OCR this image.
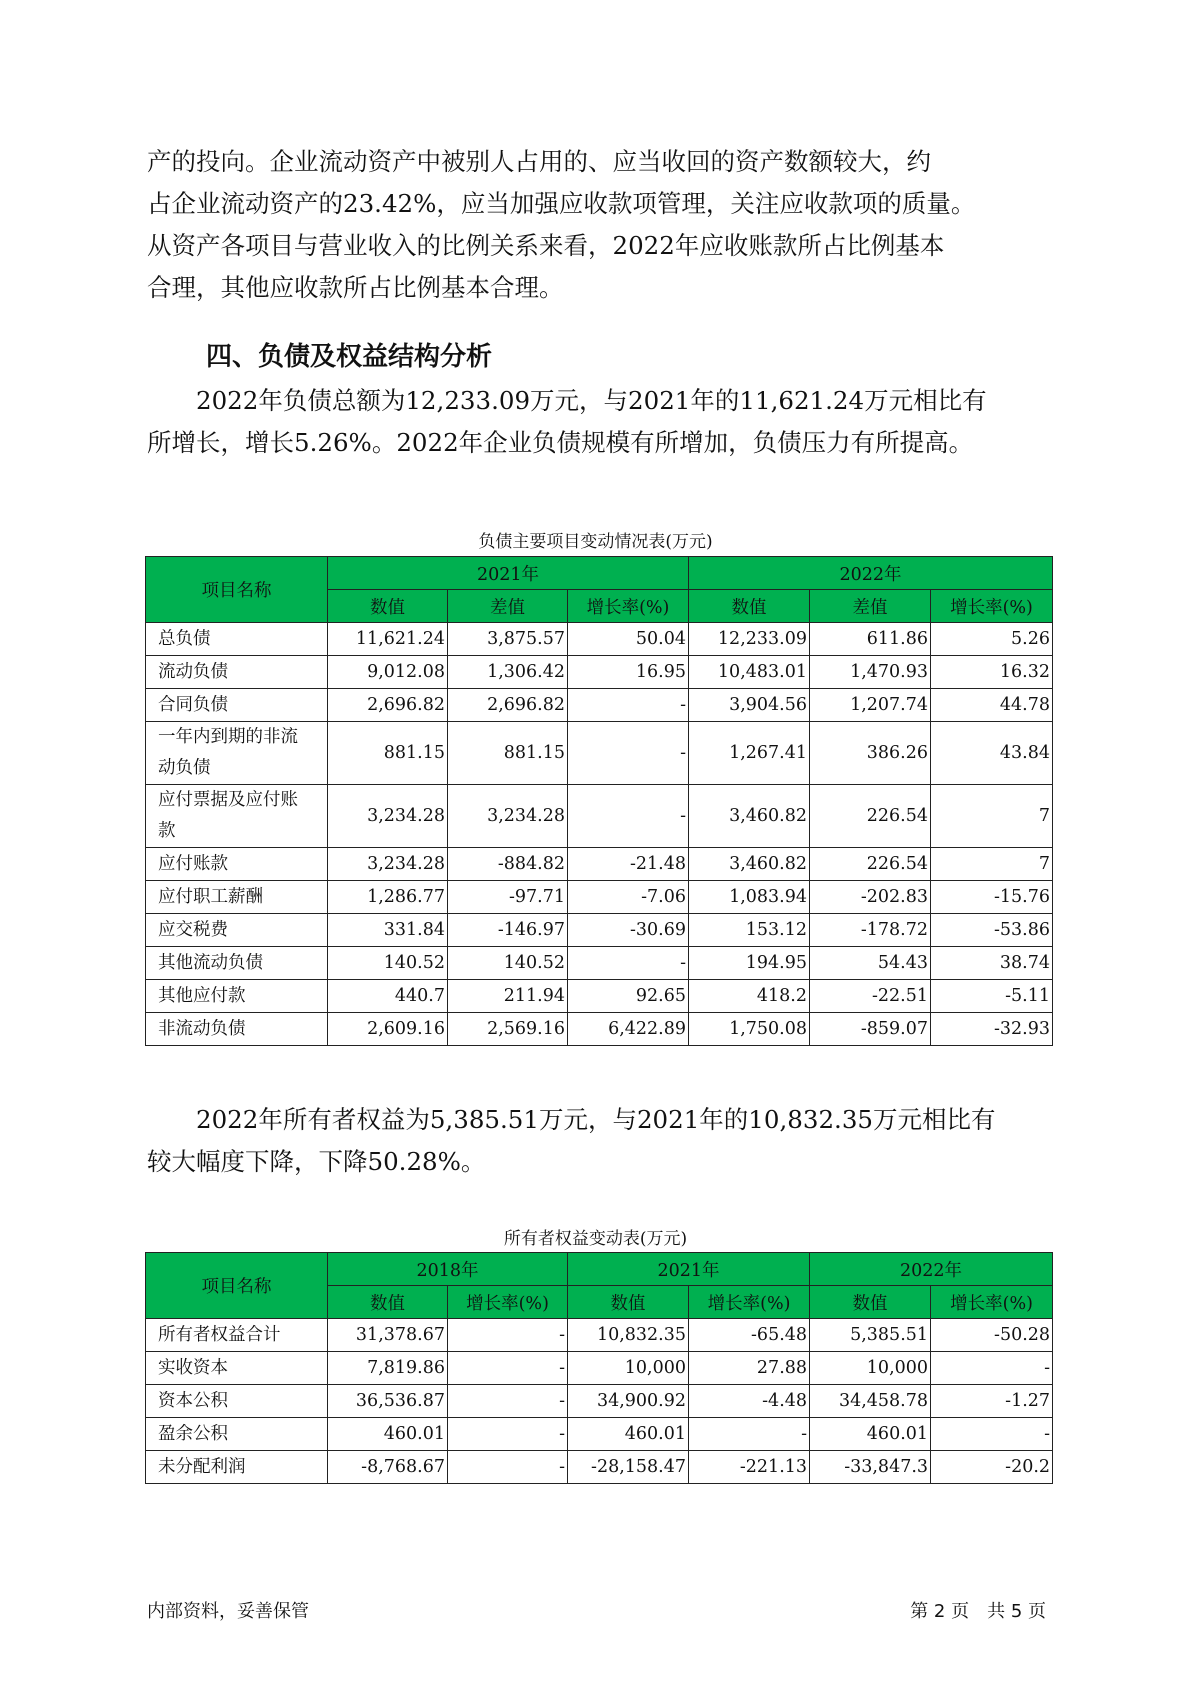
产的投向。企业流动资产中被别人占用的、应当收回的资产数额较大，约
占企业流动资产的23.42%，应当加强应收款项管理，关注应收款项的质量。
从资产各项目与营业收入的比例关系来看，2022年应收账款所占比例基本
合理，其他应收款所占比例基本合理。

四、负债及权益结构分析

　　2022年负债总额为12,233.09万元，与2021年的11,621.24万元相比有
所增长，增长5.26%。2022年企业负债规模有所增加，负债压力有所提高。

负债主要项目变动情况表(万元)
项目名称	2021年			2022年		
	数值	差值	增长率(%)	数值	差值	增长率(%)

总负债	11,621.24	3,875.57	50.04	12,233.09	611.86	5.26

流动负债	9,012.08	1,306.42	16.95	10,483.01	1,470.93	16.32

合同负债	2,696.82	2,696.82	-	3,904.56	1,207.74	44.78

一年内到期的非流
动负债	881.15	881.15	-	1,267.41	386.26	43.84

应付票据及应付账
款	3,234.28	3,234.28	-	3,460.82	226.54	7

应付账款	3,234.28	-884.82	-21.48	3,460.82	226.54	7

应付职工薪酬	1,286.77	-97.71	-7.06	1,083.94	-202.83	-15.76

应交税费	331.84	-146.97	-30.69	153.12	-178.72	-53.86

其他流动负债	140.52	140.52	-	194.95	54.43	38.74

其他应付款	440.7	211.94	92.65	418.2	-22.51	-5.11

非流动负债	2,609.16	2,569.16	6,422.89	1,750.08	-859.07	-32.93

　　2022年所有者权益为5,385.51万元，与2021年的10,832.35万元相比有
较大幅度下降，下降50.28%。

所有者权益变动表(万元)
项目名称	2018年		2021年		2022年	
	数值	增长率(%)	数值	增长率(%)	数值	增长率(%)

所有者权益合计	31,378.67	-	10,832.35	-65.48	5,385.51	-50.28

实收资本	7,819.86	-	10,000	27.88	10,000	-

资本公积	36,536.87	-	34,900.92	-4.48	34,458.78	-1.27

盈余公积	460.01	-	460.01	-	460.01	-

未分配利润	-8,768.67	-	-28,158.47	-221.13	-33,847.3	-20.2
内部资料，妥善保管	第 2 页　共 5 页
